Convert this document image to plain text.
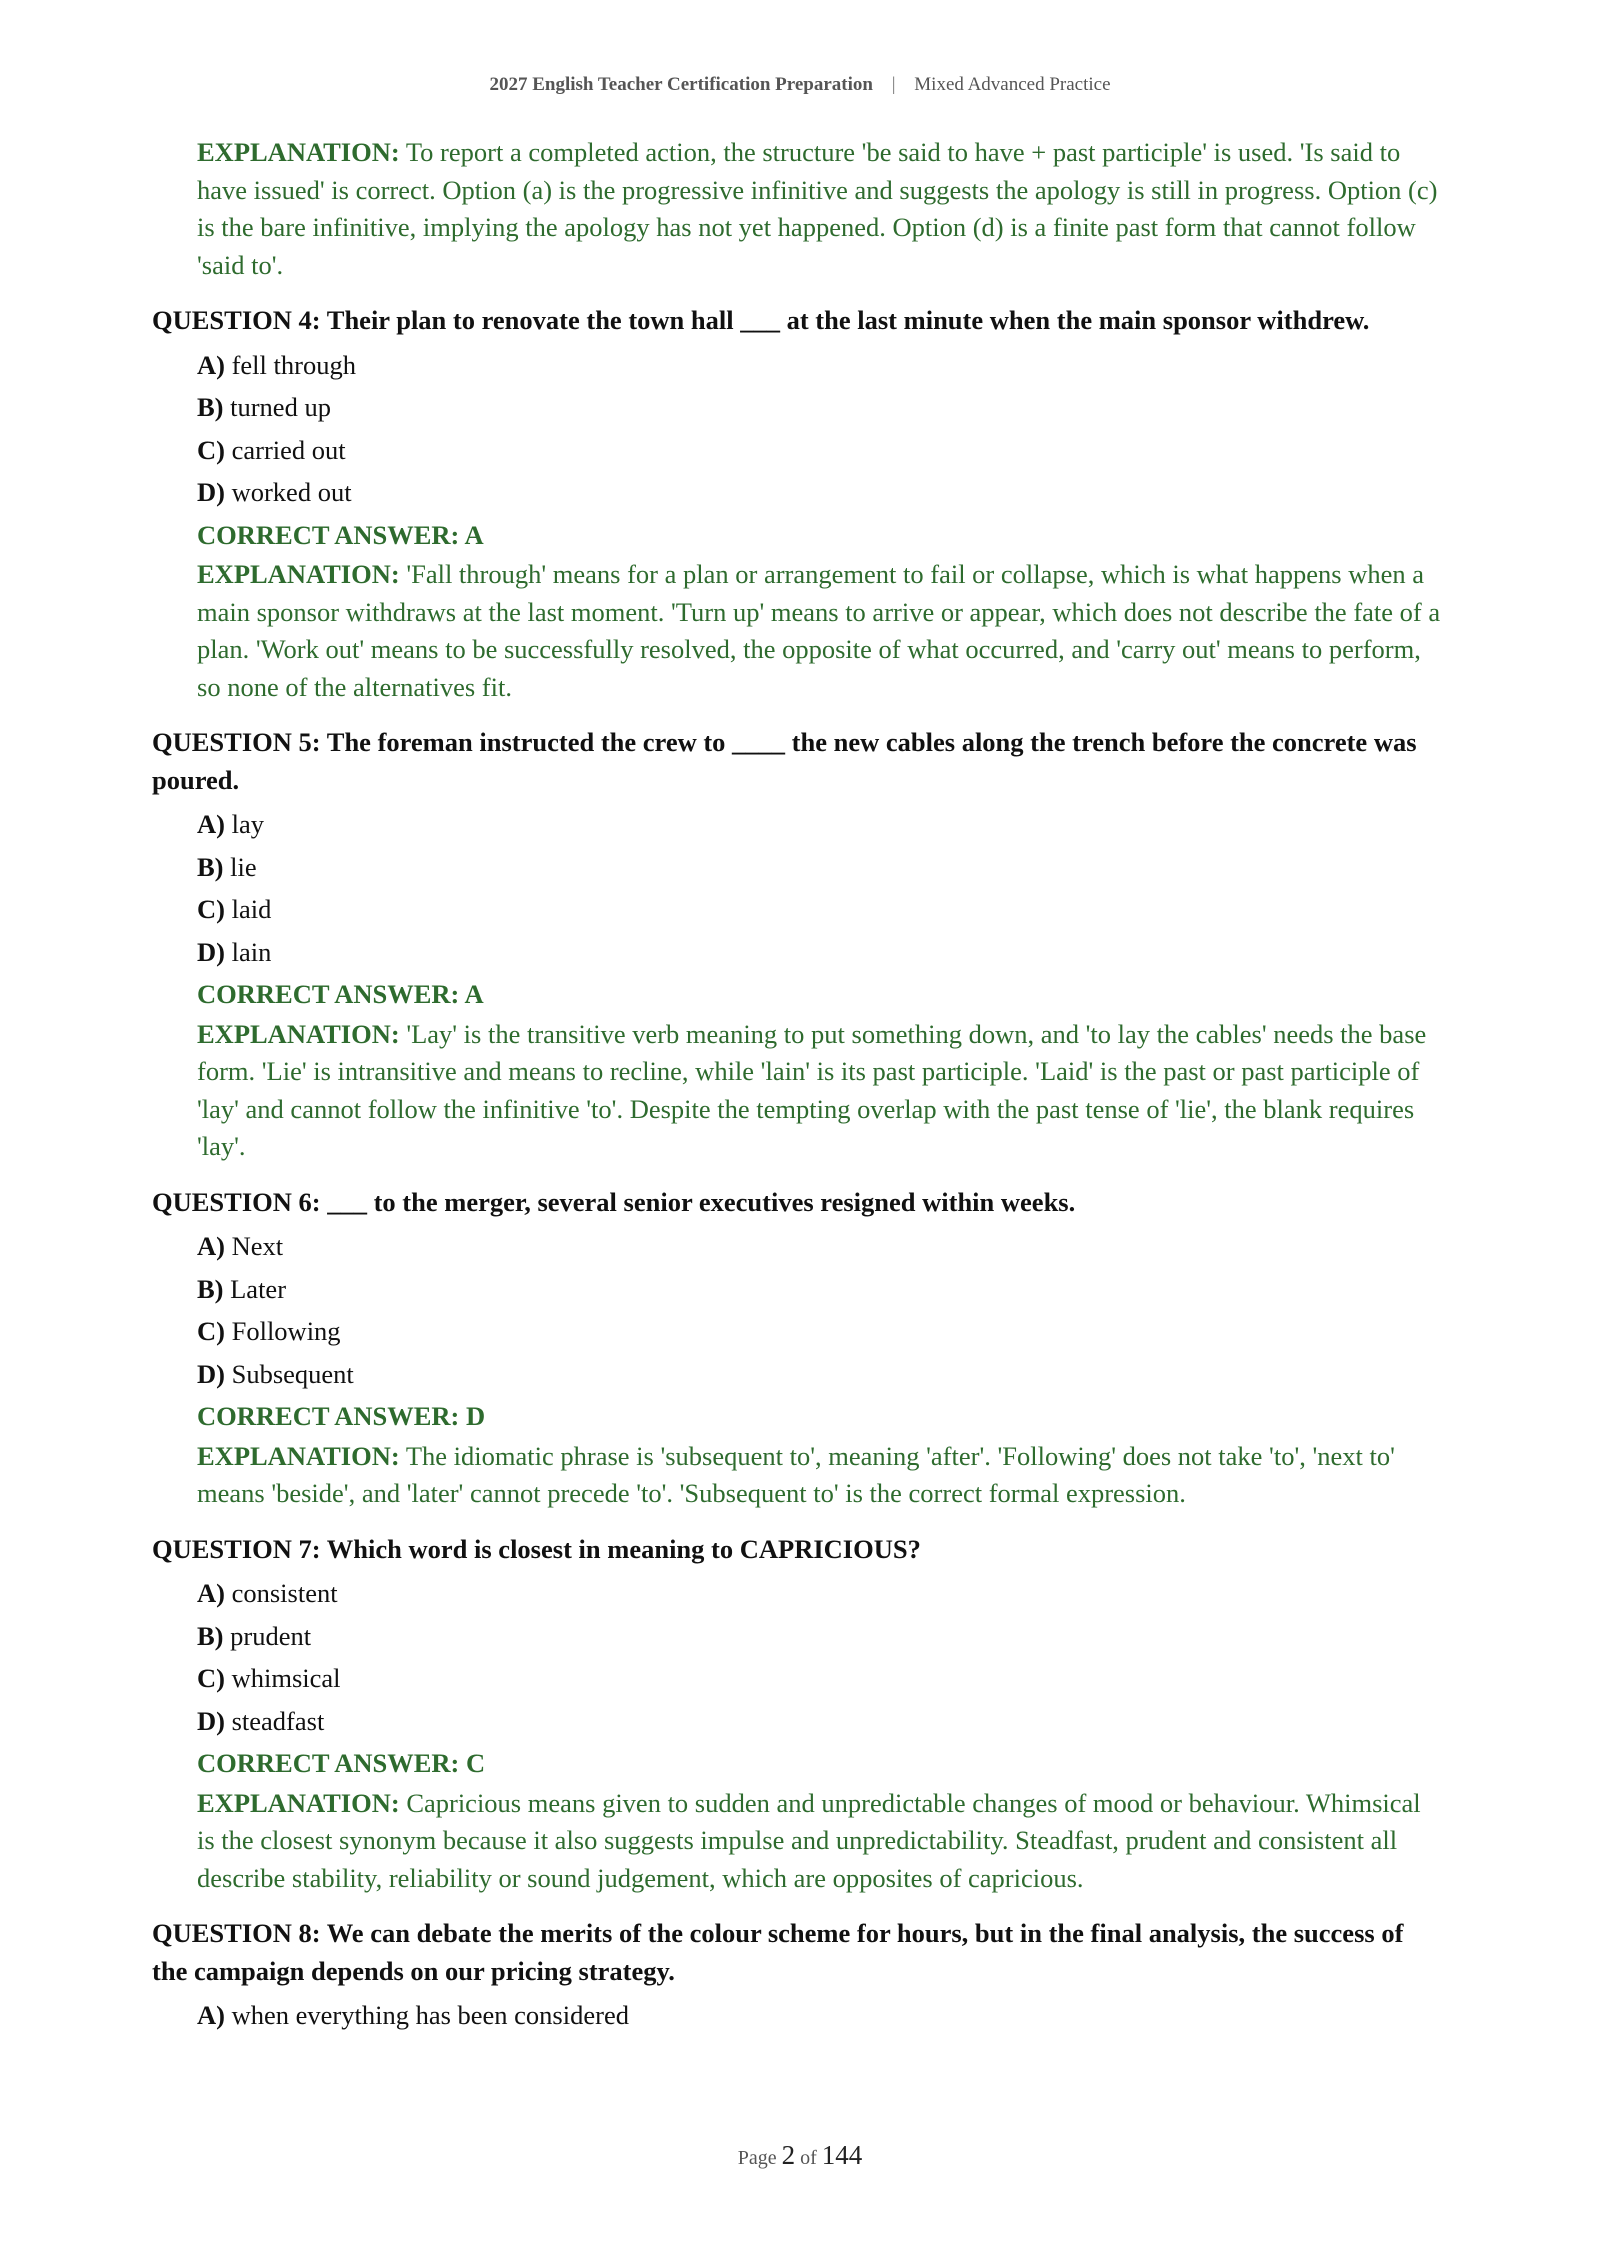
2027 English Teacher Certification Preparation | Mixed Advanced Practice
EXPLANATION: To report a completed action, the structure 'be said to have + past participle' is used. 'Is said to have issued' is correct. Option (a) is the progressive infinitive and suggests the apology is still in progress. Option (c) is the bare infinitive, implying the apology has not yet happened. Option (d) is a finite past form that cannot follow 'said to'.
QUESTION 4: Their plan to renovate the town hall ___ at the last minute when the main sponsor withdrew.
A) fell through
B) turned up
C) carried out
D) worked out
CORRECT ANSWER: A
EXPLANATION: 'Fall through' means for a plan or arrangement to fail or collapse, which is what happens when a main sponsor withdraws at the last moment. 'Turn up' means to arrive or appear, which does not describe the fate of a plan. 'Work out' means to be successfully resolved, the opposite of what occurred, and 'carry out' means to perform, so none of the alternatives fit.
QUESTION 5: The foreman instructed the crew to ____ the new cables along the trench before the concrete was poured.
A) lay
B) lie
C) laid
D) lain
CORRECT ANSWER: A
EXPLANATION: 'Lay' is the transitive verb meaning to put something down, and 'to lay the cables' needs the base form. 'Lie' is intransitive and means to recline, while 'lain' is its past participle. 'Laid' is the past or past participle of 'lay' and cannot follow the infinitive 'to'. Despite the tempting overlap with the past tense of 'lie', the blank requires 'lay'.
QUESTION 6: ___ to the merger, several senior executives resigned within weeks.
A) Next
B) Later
C) Following
D) Subsequent
CORRECT ANSWER: D
EXPLANATION: The idiomatic phrase is 'subsequent to', meaning 'after'. 'Following' does not take 'to', 'next to' means 'beside', and 'later' cannot precede 'to'. 'Subsequent to' is the correct formal expression.
QUESTION 7: Which word is closest in meaning to CAPRICIOUS?
A) consistent
B) prudent
C) whimsical
D) steadfast
CORRECT ANSWER: C
EXPLANATION: Capricious means given to sudden and unpredictable changes of mood or behaviour. Whimsical is the closest synonym because it also suggests impulse and unpredictability. Steadfast, prudent and consistent all describe stability, reliability or sound judgement, which are opposites of capricious.
QUESTION 8: We can debate the merits of the colour scheme for hours, but in the final analysis, the success of the campaign depends on our pricing strategy.
A) when everything has been considered
Page 2 of 144
